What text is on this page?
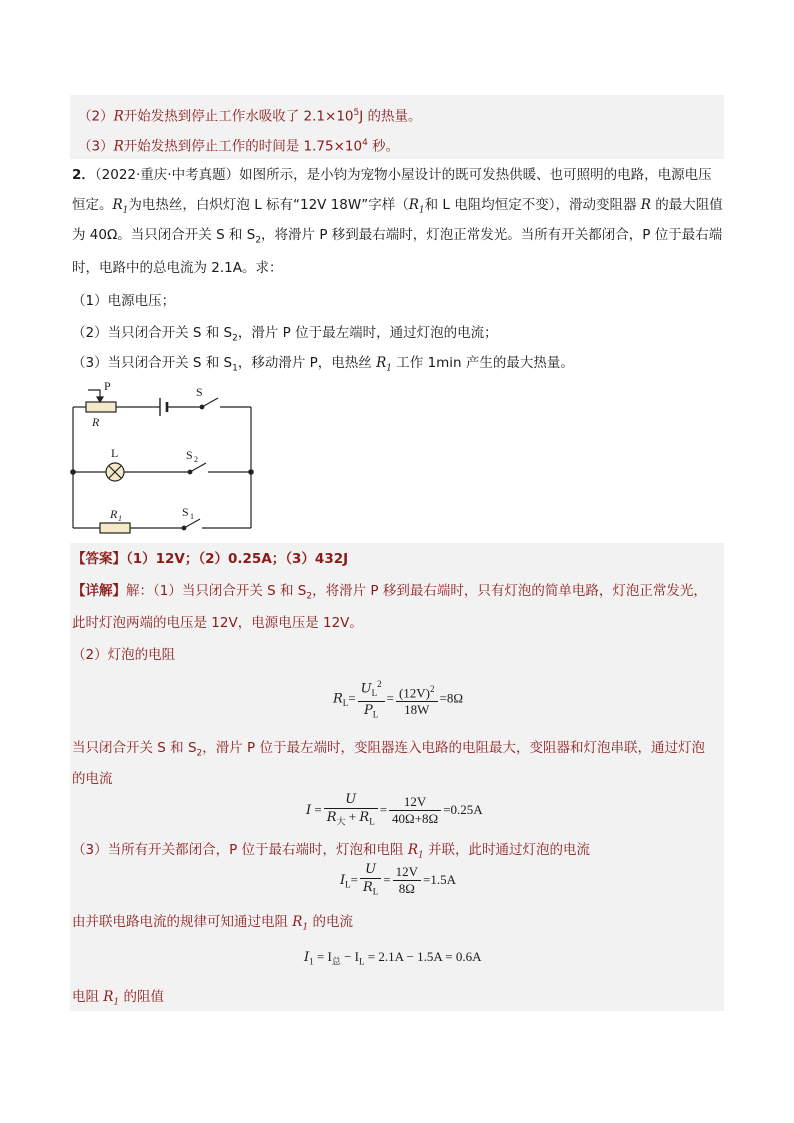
（2）R开始发热到停止工作水吸收了 $2.1\times 10^5J$ 的热量。
（3）R开始发热到停止工作的时间是 $1.75\times 10^4$ 秒。
2．（2022·重庆·中考真题）如图所示，是小钧为宠物小屋设计的既可发热供暖、也可照明的电路，电源电压
恒定。$R_1$为电热丝，白炽灯泡 L 标有“12V 18W”字样（$R_1$和 L 电阻均恒定不变），滑动变阻器 R 的最大阻值
为 40Ω。当只闭合开关 S 和 $S_2$，将滑片 P 移到最右端时，灯泡正常发光。当所有开关都闭合，P 位于最右端
时，电路中的总电流为 2.1A。求：
（1）电源电压；
（2）当只闭合开关 S 和 $S_2$，滑片 P 位于最左端时，通过灯泡的电流；
（3）当只闭合开关 S 和 $S_1$，移动滑片 P，电热丝 $R_1$ 工作 1min 产生的最大热量。
P
R
S
L	S 2
R 1	S 1
【答案】（1）12V；（2）0.25A；（3）432J
【详解】解：（1）当只闭合开关 S 和 $S_2$，将滑片 P 移到最右端时，只有灯泡的简单电路，灯泡正常发光，
此时灯泡两端的电压是 12V，电源电压是 12V。
（2）灯泡的电阻
$R_L= \frac{U_L^2}{P_L} = \frac{(12V)^2}{18W} =8\Omega$
当只闭合开关 S 和 $S_2$，滑片 P 位于最左端时，变阻器连入电路的电阻最大，变阻器和灯泡串联，通过灯泡
的电流
$I = \frac{U}{R_大 + R_L} = \frac{12V}{40\Omega+8\Omega} =0.25A$
（3）当所有开关都闭合，P 位于最右端时，灯泡和电阻 $R_1$ 并联，此时通过灯泡的电流
$I_L= \frac{U}{R_L} = \frac{12V}{8\Omega} =1.5A$
由并联电路电流的规律可知通过电阻 $R_1$ 的电流
$I_1 = I_总 - I_L = 2.1A - 1.5A = 0.6A$
电阻 $R_1$ 的阻值
